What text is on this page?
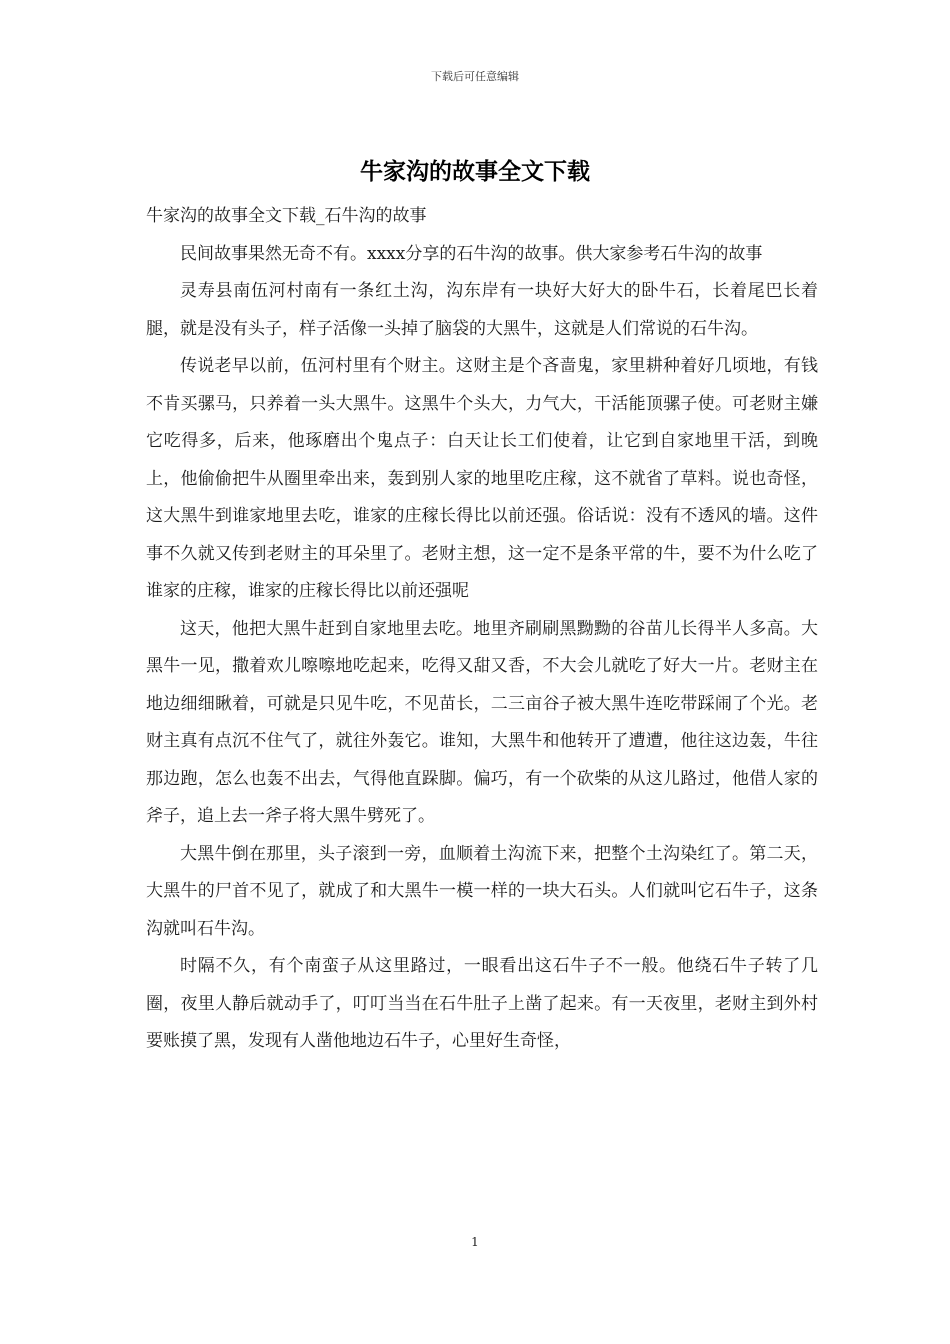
下载后可任意编辑
牛家沟的故事全文下载

牛家沟的故事全文下载_石牛沟的故事

民间故事果然无奇不有。xxxx分享的石牛沟的故事。供大家参考石牛沟的故事

灵寿县南伍河村南有一条红土沟，沟东岸有一块好大好大的卧牛石，长着尾巴长着腿，就是没有头子，样子活像一头掉了脑袋的大黑牛，这就是人们常说的石牛沟。

传说老早以前，伍河村里有个财主。这财主是个吝啬鬼，家里耕种着好几顷地，有钱不肯买骡马，只养着一头大黑牛。这黑牛个头大，力气大，干活能顶骡子使。可老财主嫌它吃得多，后来，他琢磨出个鬼点子：白天让长工们使着，让它到自家地里干活，到晚上，他偷偷把牛从圈里牵出来，轰到别人家的地里吃庄稼，这不就省了草料。说也奇怪，这大黑牛到谁家地里去吃，谁家的庄稼长得比以前还强。俗话说：没有不透风的墙。这件事不久就又传到老财主的耳朵里了。老财主想，这一定不是条平常的牛，要不为什么吃了谁家的庄稼，谁家的庄稼长得比以前还强呢

这天，他把大黑牛赶到自家地里去吃。地里齐刷刷黑黝黝的谷苗儿长得半人多高。大黑牛一见，撒着欢儿嚓嚓地吃起来，吃得又甜又香，不大会儿就吃了好大一片。老财主在地边细细瞅着，可就是只见牛吃，不见苗长，二三亩谷子被大黑牛连吃带踩闹了个光。老财主真有点沉不住气了，就往外轰它。谁知，大黑牛和他转开了遭遭，他往这边轰，牛往那边跑，怎么也轰不出去，气得他直跺脚。偏巧，有一个砍柴的从这儿路过，他借人家的斧子，追上去一斧子将大黑牛劈死了。

大黑牛倒在那里，头子滚到一旁，血顺着土沟流下来，把整个土沟染红了。第二天，大黑牛的尸首不见了，就成了和大黑牛一模一样的一块大石头。人们就叫它石牛子，这条沟就叫石牛沟。

时隔不久，有个南蛮子从这里路过，一眼看出这石牛子不一般。他绕石牛子转了几圈，夜里人静后就动手了，叮叮当当在石牛肚子上凿了起来。有一天夜里，老财主到外村要账摸了黑，发现有人凿他地边石牛子，心里好生奇怪，

1
